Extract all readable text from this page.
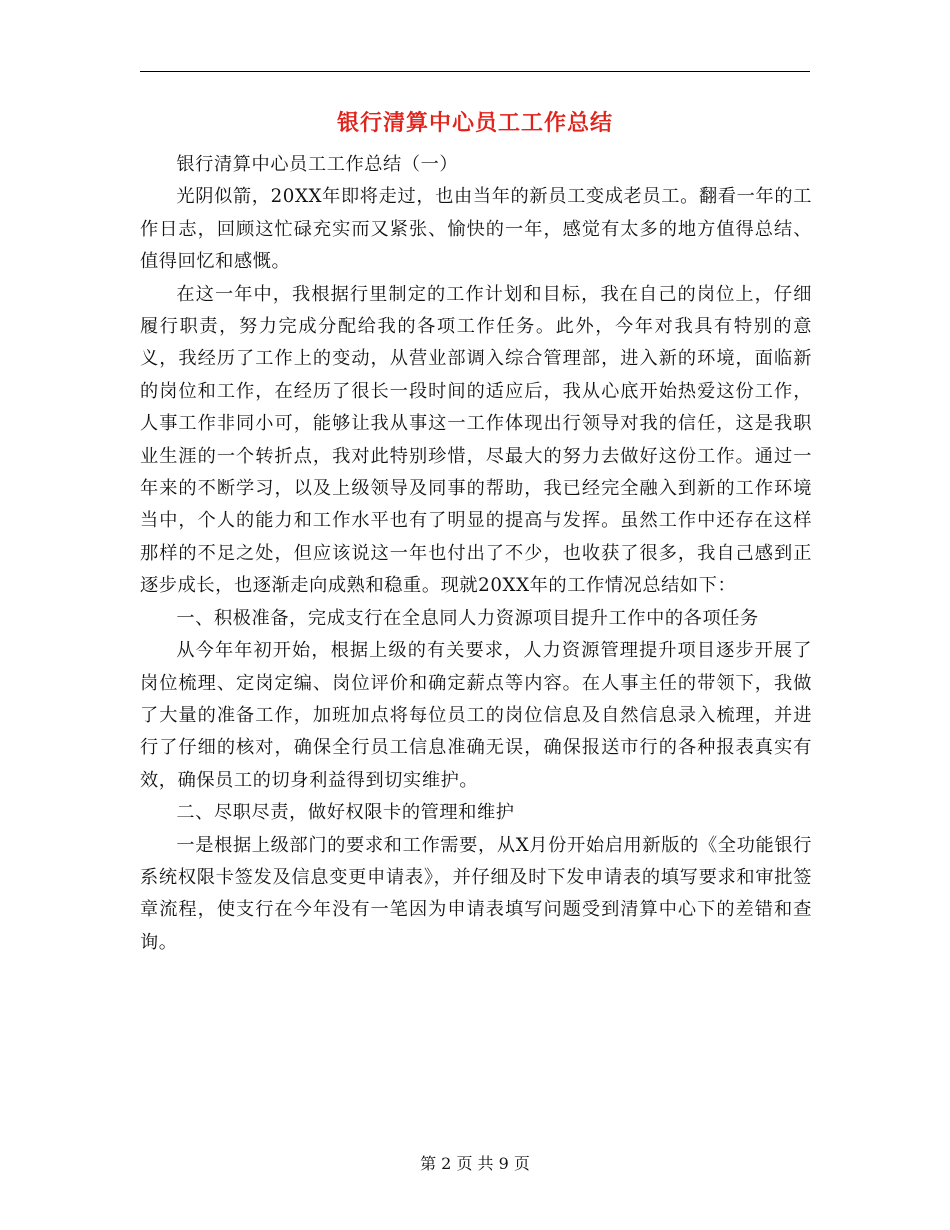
银行清算中心员工工作总结

银行清算中心员工工作总结（一）

光阴似箭，20XX年即将走过，也由当年的新员工变成老员工。翻看一年的工作日志，回顾这忙碌充实而又紧张、愉快的一年，感觉有太多的地方值得总结、值得回忆和感慨。

在这一年中，我根据行里制定的工作计划和目标，我在自己的岗位上，仔细履行职责，努力完成分配给我的各项工作任务。此外，今年对我具有特别的意义，我经历了工作上的变动，从营业部调入综合管理部，进入新的环境，面临新的岗位和工作，在经历了很长一段时间的适应后，我从心底开始热爱这份工作，人事工作非同小可，能够让我从事这一工作体现出行领导对我的信任，这是我职业生涯的一个转折点，我对此特别珍惜，尽最大的努力去做好这份工作。通过一年来的不断学习，以及上级领导及同事的帮助，我已经完全融入到新的工作环境当中，个人的能力和工作水平也有了明显的提高与发挥。虽然工作中还存在这样那样的不足之处，但应该说这一年也付出了不少，也收获了很多，我自己感到正逐步成长，也逐渐走向成熟和稳重。现就20XX年的工作情况总结如下：

一、积极准备，完成支行在全息同人力资源项目提升工作中的各项任务

从今年年初开始，根据上级的有关要求，人力资源管理提升项目逐步开展了岗位梳理、定岗定编、岗位评价和确定薪点等内容。在人事主任的带领下，我做了大量的准备工作，加班加点将每位员工的岗位信息及自然信息录入梳理，并进行了仔细的核对，确保全行员工信息准确无误，确保报送市行的各种报表真实有效，确保员工的切身利益得到切实维护。

二、尽职尽责，做好权限卡的管理和维护

一是根据上级部门的要求和工作需要，从X月份开始启用新版的《全功能银行系统权限卡签发及信息变更申请表》，并仔细及时下发申请表的填写要求和审批签章流程，使支行在今年没有一笔因为申请表填写问题受到清算中心下的差错和查询。

第 2 页 共 9 页
